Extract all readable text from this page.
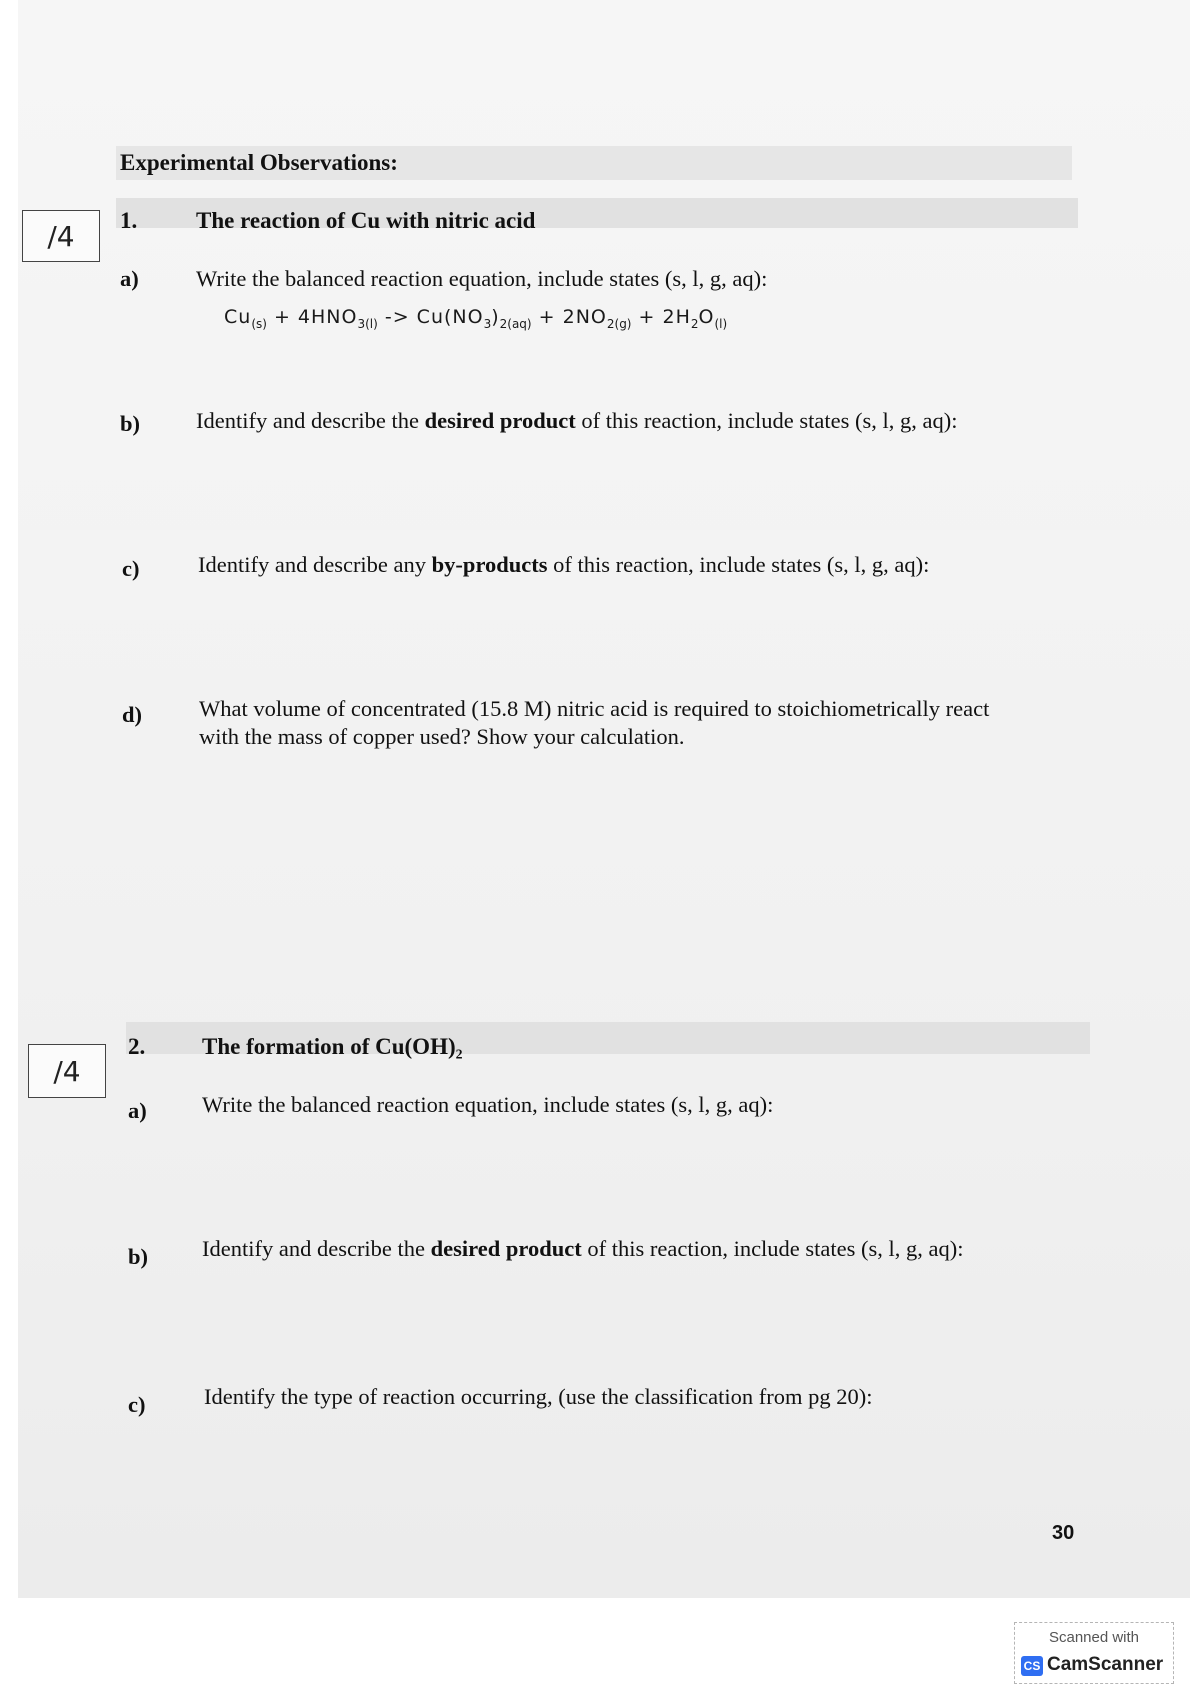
Experimental Observations:
/4	1.	The reaction of Cu with nitric acid
a)	Write the balanced reaction equation, include states (s, l, g, aq):
$Cu_{(s)} + 4HNO_{3(l)} -> Cu(NO_3)_{2(aq)} + 2NO_{2(g)} + 2H_2O_{(l)}$
b) Identify and describe the desired product of this reaction, include states (s, l, g, aq):
c)	Identify and describe any by-products of this reaction, include states (s, l, g, aq):
d)	What volume of concentrated (15.8 M) nitric acid is required to stoichiometrically react
with the mass of copper used? Show your calculation.
/4
2. The formation of Cu(OH)₂
a) Write the balanced reaction equation, include states (s, l, g, aq):
b) Identify and describe the desired product of this reaction, include states (s, l, g, aq):
c)	Identify the type of reaction occurring, (use the classification from pg 20):
30
Scanned with
CS CamScanner
